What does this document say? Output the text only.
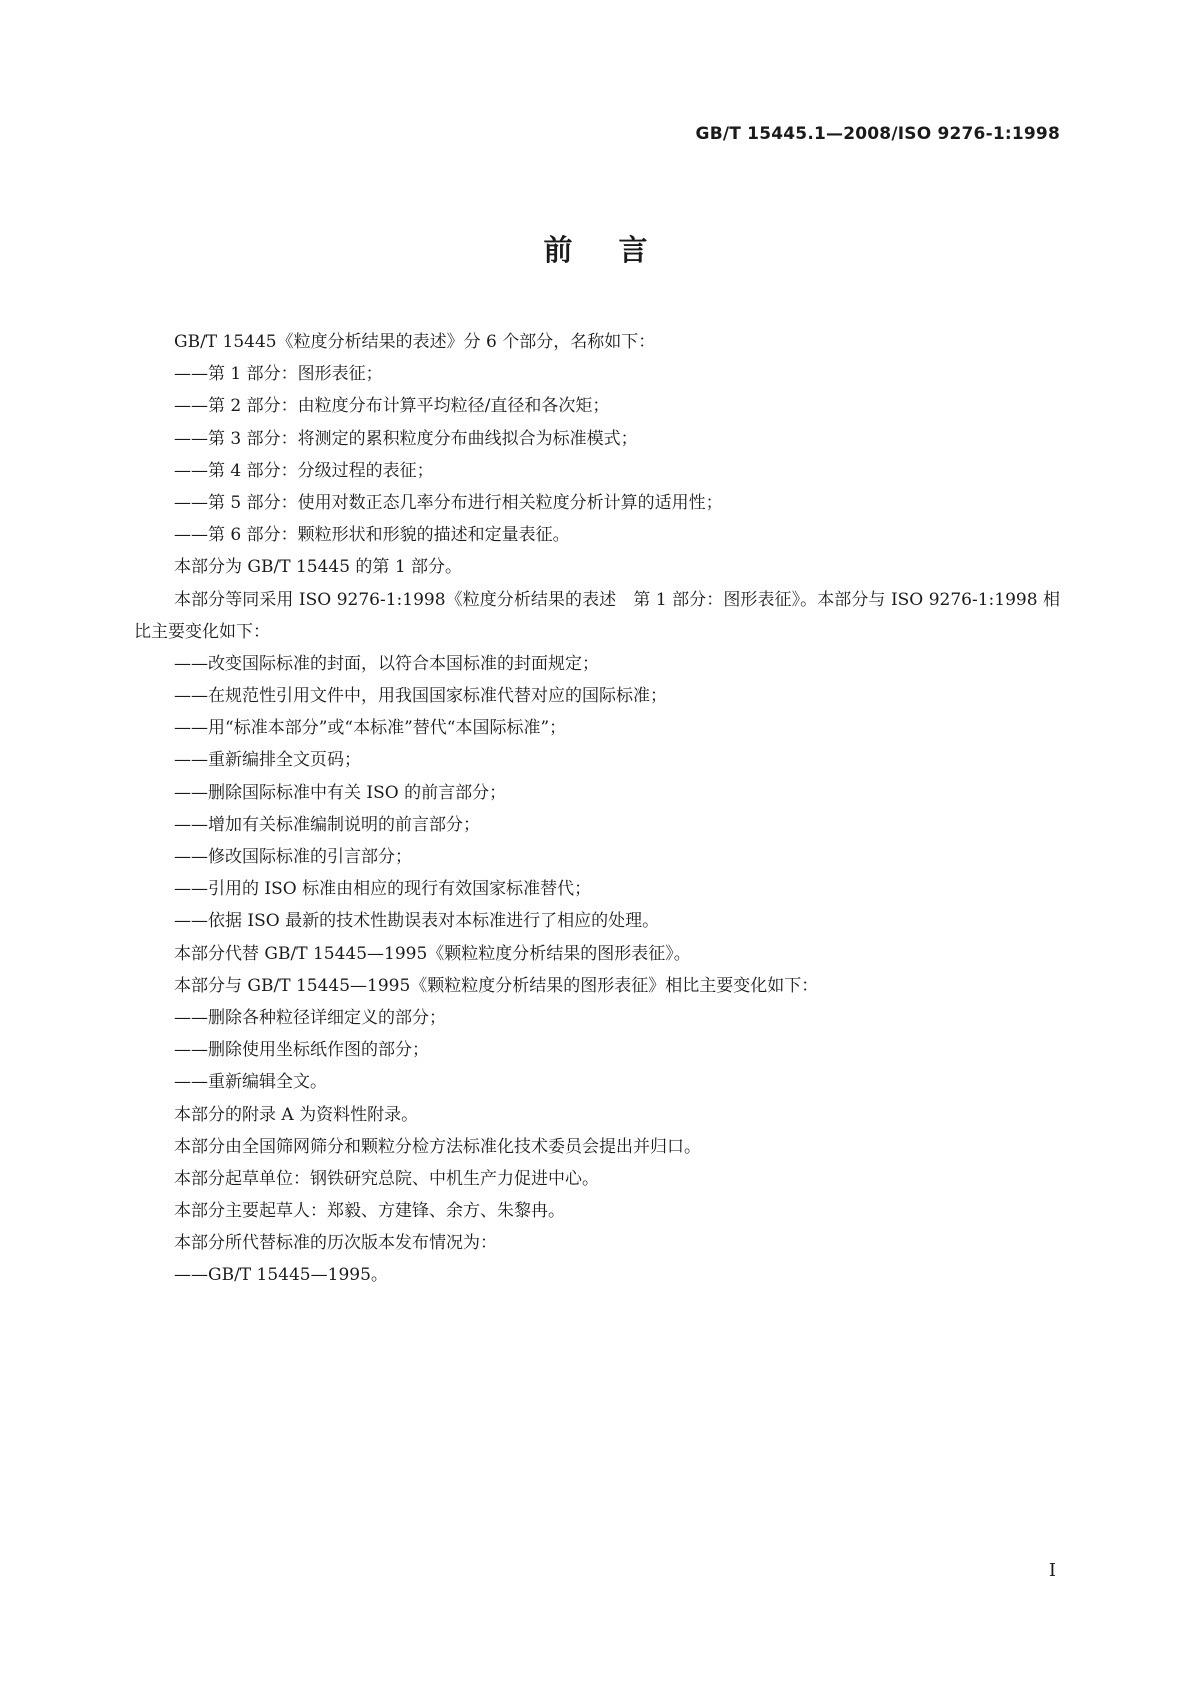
GB/T 15445.1—2008/ISO 9276-1:1998
前言
GB/T 15445《粒度分析结果的表述》分 6 个部分，名称如下：
——第 1 部分：图形表征；
——第 2 部分：由粒度分布计算平均粒径/直径和各次矩；
——第 3 部分：将测定的累积粒度分布曲线拟合为标准模式；
——第 4 部分：分级过程的表征；
——第 5 部分：使用对数正态几率分布进行相关粒度分析计算的适用性；
——第 6 部分：颗粒形状和形貌的描述和定量表征。
本部分为 GB/T 15445 的第 1 部分。
本部分等同采用 ISO 9276-1:1998《粒度分析结果的表述　第 1 部分：图形表征》。本部分与 ISO 9276-1:1998 相比主要变化如下：
——改变国际标准的封面，以符合本国标准的封面规定；
——在规范性引用文件中，用我国国家标准代替对应的国际标准；
——用“标准本部分”或“本标准”替代“本国际标准”；
——重新编排全文页码；
——删除国际标准中有关 ISO 的前言部分；
——增加有关标准编制说明的前言部分；
——修改国际标准的引言部分；
——引用的 ISO 标准由相应的现行有效国家标准替代；
——依据 ISO 最新的技术性勘误表对本标准进行了相应的处理。
本部分代替 GB/T 15445—1995《颗粒粒度分析结果的图形表征》。
本部分与 GB/T 15445—1995《颗粒粒度分析结果的图形表征》相比主要变化如下：
——删除各种粒径详细定义的部分；
——删除使用坐标纸作图的部分；
——重新编辑全文。
本部分的附录 A 为资料性附录。
本部分由全国筛网筛分和颗粒分检方法标准化技术委员会提出并归口。
本部分起草单位：钢铁研究总院、中机生产力促进中心。
本部分主要起草人：郑毅、方建锋、余方、朱黎冉。
本部分所代替标准的历次版本发布情况为：
——GB/T 15445—1995。
I
